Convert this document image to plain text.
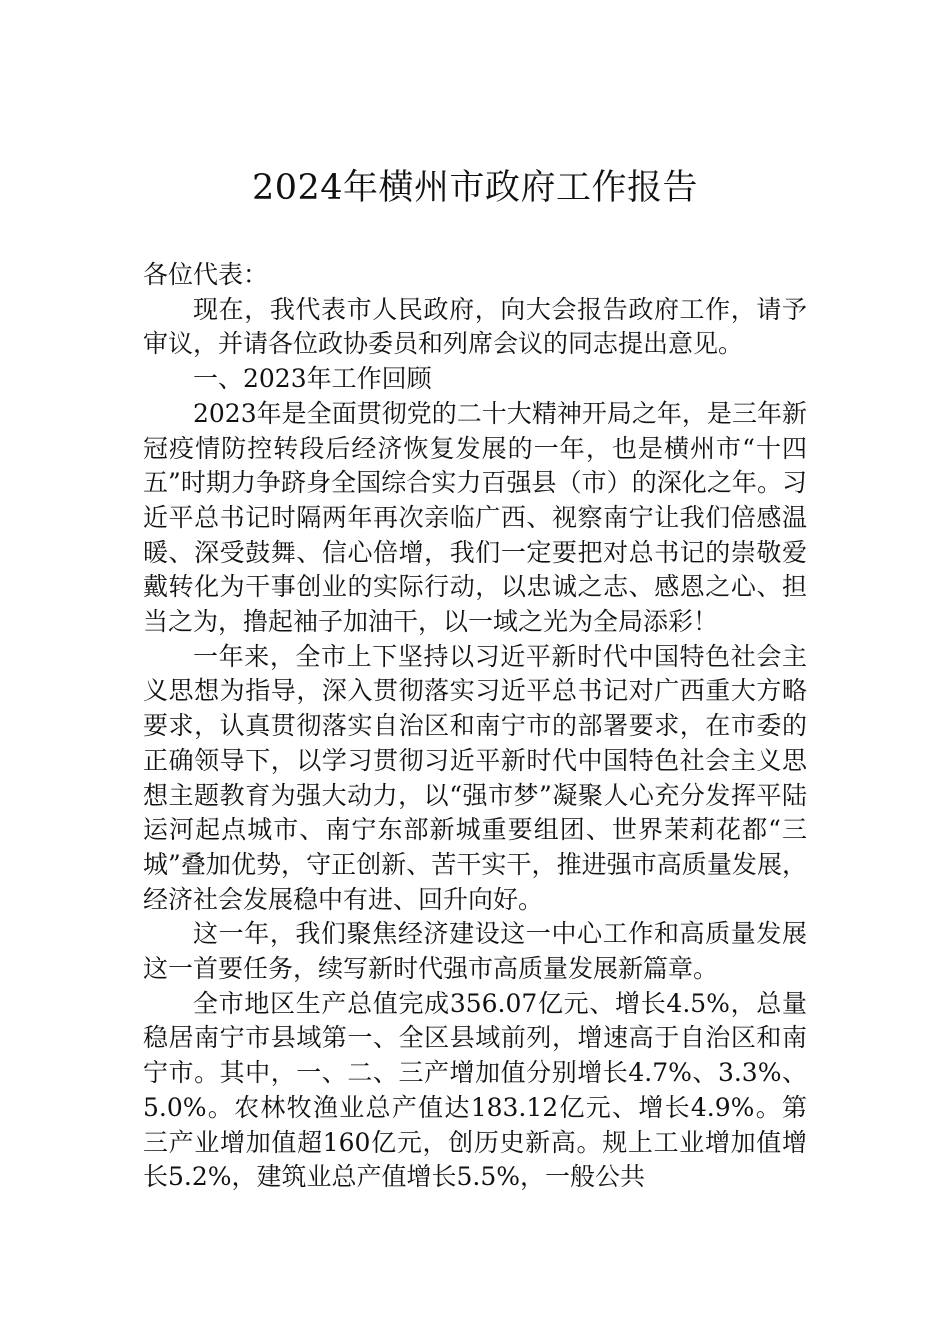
2024年横州市政府工作报告

各位代表：

现在，我代表市人民政府，向大会报告政府工作，请予审议，并请各位政协委员和列席会议的同志提出意见。

一、2023年工作回顾

2023年是全面贯彻党的二十大精神开局之年，是三年新冠疫情防控转段后经济恢复发展的一年，也是横州市“十四五”时期力争跻身全国综合实力百强县（市）的深化之年。习近平总书记时隔两年再次亲临广西、视察南宁让我们倍感温暖、深受鼓舞、信心倍增，我们一定要把对总书记的崇敬爱戴转化为干事创业的实际行动，以忠诚之志、感恩之心、担当之为，撸起袖子加油干，以一域之光为全局添彩！

一年来，全市上下坚持以习近平新时代中国特色社会主义思想为指导，深入贯彻落实习近平总书记对广西重大方略要求，认真贯彻落实自治区和南宁市的部署要求，在市委的正确领导下，以学习贯彻习近平新时代中国特色社会主义思想主题教育为强大动力，以“强市梦”凝聚人心充分发挥平陆运河起点城市、南宁东部新城重要组团、世界茉莉花都“三城”叠加优势，守正创新、苦干实干，推进强市高质量发展，经济社会发展稳中有进、回升向好。

这一年，我们聚焦经济建设这一中心工作和高质量发展这一首要任务，续写新时代强市高质量发展新篇章。

全市地区生产总值完成356.07亿元、增长4.5%，总量稳居南宁市县域第一、全区县域前列，增速高于自治区和南宁市。其中，一、二、三产增加值分别增长4.7%、3.3%、5.0%。农林牧渔业总产值达183.12亿元、增长4.9%。第三产业增加值超160亿元，创历史新高。规上工业增加值增长5.2%，建筑业总产值增长5.5%，一般公共
